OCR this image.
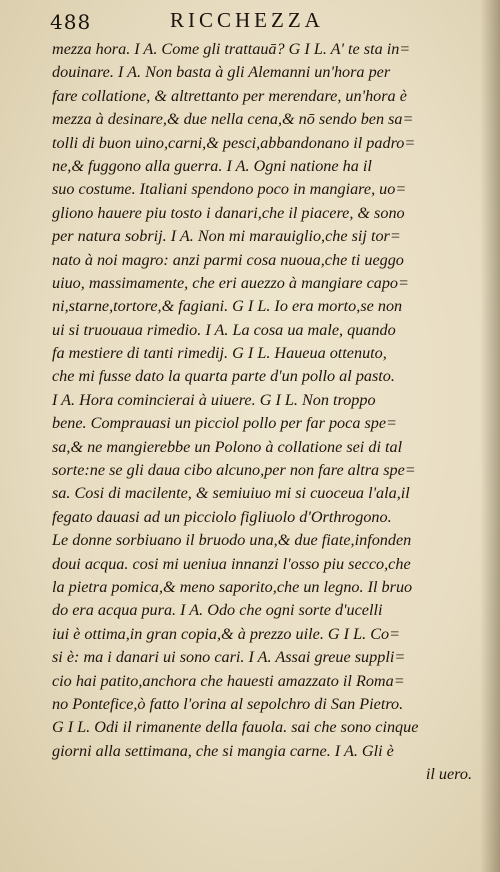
488	RICCHEZZA
mezza hora. I A. Come gli trattauā? G I L. A' te sta in=
douinare. I A. Non basta à gli Alemanni un'hora per
fare collatione, & altrettanto per merendare, un'hora è
mezza à desinare,& due nella cena,& nō sendo ben sa=
tolli di buon uino,carni,& pesci,abbandonano il padro=
ne,& fuggono alla guerra. I A. Ogni natione ha il
suo costume. Italiani spendono poco in mangiare, uo=
gliono hauere piu tosto i danari,che il piacere, & sono
per natura sobrij. I A. Non mi marauiglio,che sij tor=
nato à noi magro: anzi parmi cosa nuoua,che ti ueggo
uiuo, massimamente, che eri auezzo à mangiare capo=
ni,starne,tortore,& fagiani. G I L. Io era morto,se non
ui si truouaua rimedio. I A. La cosa ua male, quando
fa mestiere di tanti rimedij. G I L. Haueua ottenuto,
che mi fusse dato la quarta parte d'un pollo al pasto.
I A. Hora comincierai à uiuere. G I L. Non troppo
bene. Comprauasi un picciol pollo per far poca spe=
sa,& ne mangierebbe un Polono à collatione sei di tal
sorte:ne se gli daua cibo alcuno,per non fare altra spe=
sa. Cosi di macilente, & semiuiuo mi si cuoceua l'ala,il
fegato dauasi ad un picciolo figliuolo d'Orthrogono.
Le donne sorbiuano il bruodo una,& due fiate,infonden
doui acqua. cosi mi ueniua innanzi l'osso piu secco,che
la pietra pomica,& meno saporito,che un legno. Il bruo
do era acqua pura. I A. Odo che ogni sorte d'ucelli
iui è ottima,in gran copia,& à prezzo uile. G I L. Co=
si è: ma i danari ui sono cari. I A. Assai greue suppli=
cio hai patito,anchora che hauesti amazzato il Roma=
no Pontefice,ò fatto l'orina al sepolchro di San Pietro.
G I L. Odi il rimanente della fauola. sai che sono cinque
giorni alla settimana, che si mangia carne. I A. Gli è
il uero.
